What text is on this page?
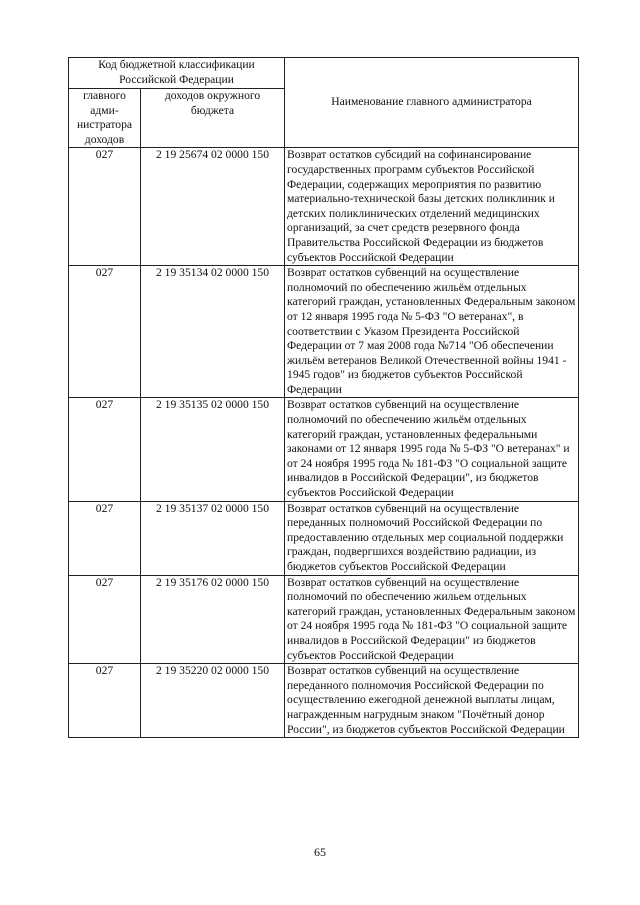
Код бюджетной классификации Российской Федерации		Наименование главного администратора
главного адми-нистратора доходов	доходов окружного бюджета	
027	2 19 25674 02 0000 150	Возврат остатков субсидий на софинансирование государственных программ субъектов Российской Федерации, содержащих мероприятия по развитию материально-технической базы детских поликлиник и детских поликлинических отделений медицинских организаций, за счет средств резервного фонда Правительства Российской Федерации из бюджетов субъектов Российской Федерации
027	2 19 35134 02 0000 150	Возврат остатков субвенций на осуществление полномочий по обеспечению жильём отдельных категорий граждан, установленных Федеральным законом от 12 января 1995 года № 5-ФЗ "О ветеранах", в соответствии с Указом Президента Российской Федерации от 7 мая 2008 года №714 "Об обеспечении жильём ветеранов Великой Отечественной войны 1941 - 1945 годов" из бюджетов субъектов Российской Федерации
027	2 19 35135 02 0000 150	Возврат остатков субвенций на осуществление полномочий по обеспечению жильём отдельных категорий граждан, установленных федеральными законами от 12 января 1995 года № 5-ФЗ "О ветеранах" и от 24 ноября 1995 года № 181-ФЗ "О социальной защите инвалидов в Российской Федерации", из бюджетов субъектов Российской Федерации
027	2 19 35137 02 0000 150	Возврат остатков субвенций на осуществление переданных полномочий Российской Федерации по предоставлению отдельных мер социальной поддержки граждан, подвергшихся воздействию радиации, из бюджетов субъектов Российской Федерации
027	2 19 35176 02 0000 150	Возврат остатков субвенций на осуществление полномочий по обеспечению жильем отдельных категорий граждан, установленных Федеральным законом от 24 ноября 1995 года № 181-ФЗ "О социальной защите инвалидов в Российской Федерации" из бюджетов субъектов Российской Федерации
027	2 19 35220 02 0000 150	Возврат остатков субвенций на осуществление переданного полномочия Российской Федерации по осуществлению ежегодной денежной выплаты лицам, награжденным нагрудным знаком "Почётный донор России", из бюджетов субъектов Российской Федерации
65
